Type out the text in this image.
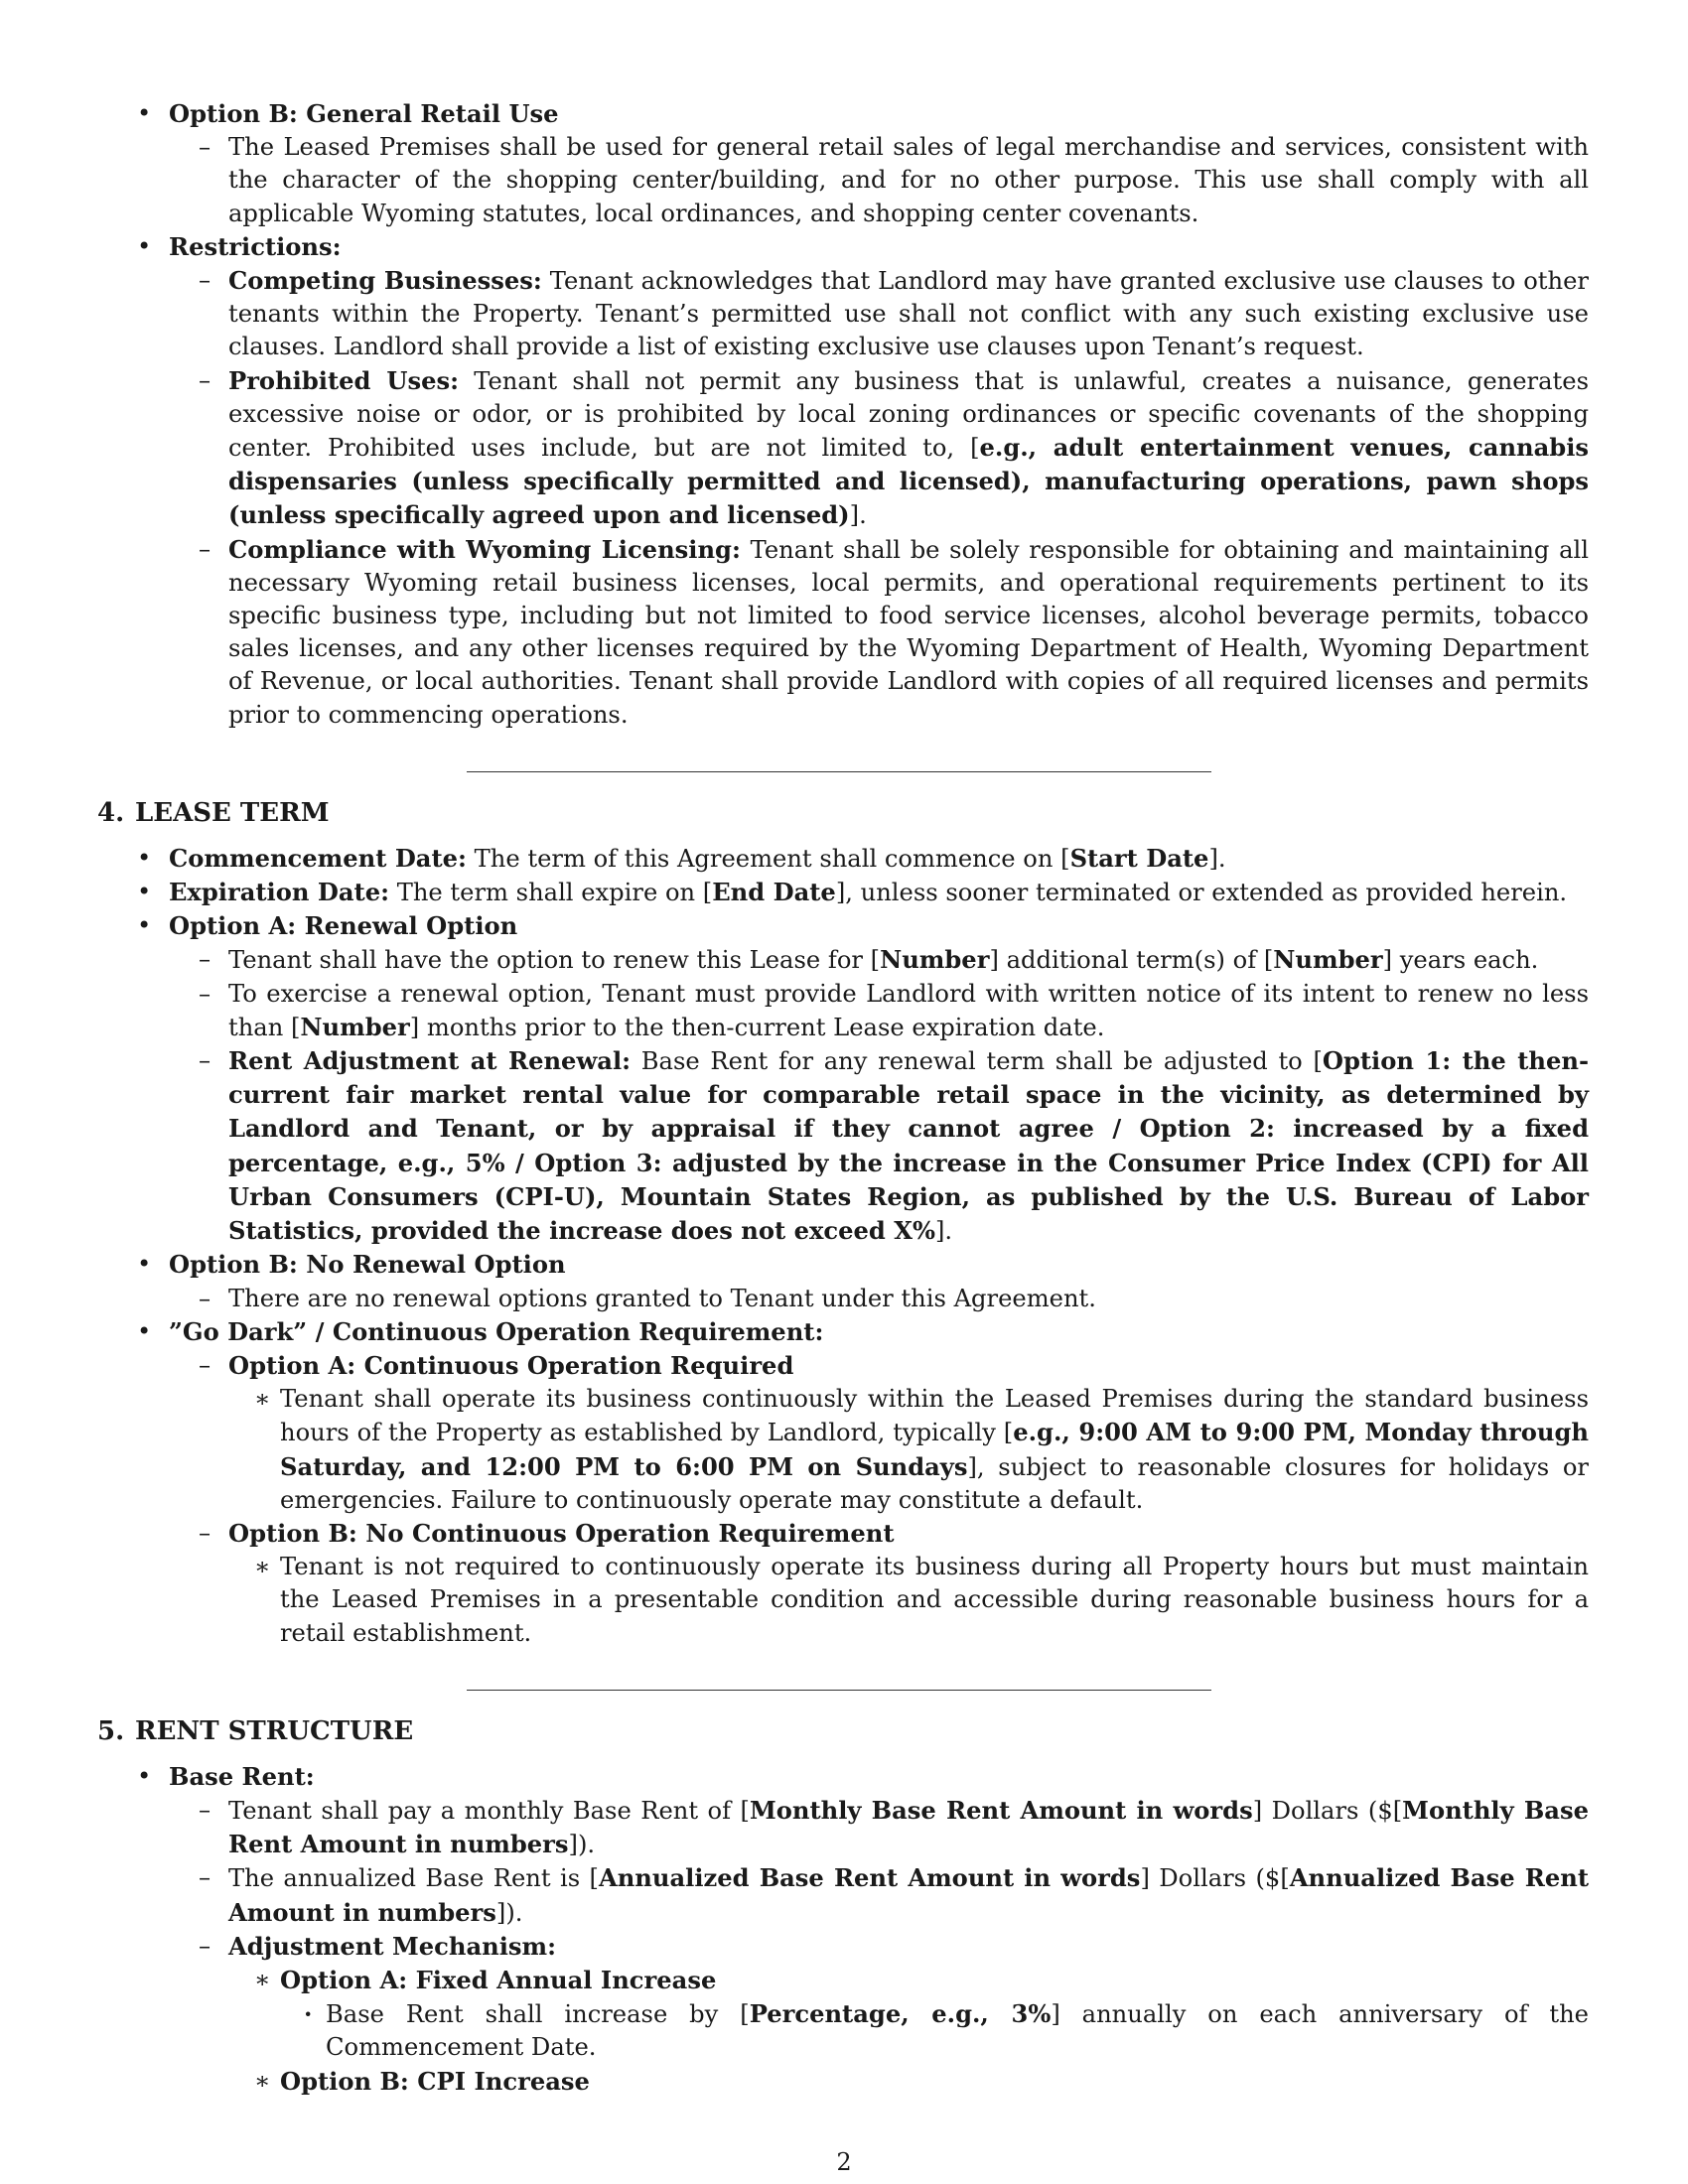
• Option B: General Retail Use
– The Leased Premises shall be used for general retail sales of legal merchandise and services, consistent with the character of the shopping center/building, and for no other purpose. This use shall comply with all applicable Wyoming statutes, local ordinances, and shopping center covenants.
• Restrictions:
– Competing Businesses: Tenant acknowledges that Landlord may have granted exclusive use clauses to other tenants within the Property. Tenant’s permitted use shall not conflict with any such existing exclusive use clauses. Landlord shall provide a list of existing exclusive use clauses upon Tenant’s request.
– Prohibited Uses: Tenant shall not permit any business that is unlawful, creates a nuisance, generates excessive noise or odor, or is prohibited by local zoning ordinances or specific covenants of the shopping center. Prohibited uses include, but are not limited to, [e.g., adult entertainment venues, cannabis dispensaries (unless specifically permitted and licensed), manufacturing operations, pawn shops (unless specifically agreed upon and licensed)].
– Compliance with Wyoming Licensing: Tenant shall be solely responsible for obtaining and maintaining all necessary Wyoming retail business licenses, local permits, and operational requirements pertinent to its specific business type, including but not limited to food service licenses, alcohol beverage permits, tobacco sales licenses, and any other licenses required by the Wyoming Department of Health, Wyoming Department of Revenue, or local authorities. Tenant shall provide Landlord with copies of all required licenses and permits prior to commencing operations.
4. LEASE TERM
• Commencement Date: The term of this Agreement shall commence on [Start Date].
• Expiration Date: The term shall expire on [End Date], unless sooner terminated or extended as provided herein.
• Option A: Renewal Option
– Tenant shall have the option to renew this Lease for [Number] additional term(s) of [Number] years each.
– To exercise a renewal option, Tenant must provide Landlord with written notice of its intent to renew no less than [Number] months prior to the then-current Lease expiration date.
– Rent Adjustment at Renewal: Base Rent for any renewal term shall be adjusted to [Option 1: the then-current fair market rental value for comparable retail space in the vicinity, as determined by Landlord and Tenant, or by appraisal if they cannot agree / Option 2: increased by a fixed percentage, e.g., 5% / Option 3: adjusted by the increase in the Consumer Price Index (CPI) for All Urban Consumers (CPI-U), Mountain States Region, as published by the U.S. Bureau of Labor Statistics, provided the increase does not exceed X%].
• Option B: No Renewal Option
– There are no renewal options granted to Tenant under this Agreement.
• ”Go Dark” / Continuous Operation Requirement:
– Option A: Continuous Operation Required
∗ Tenant shall operate its business continuously within the Leased Premises during the standard business hours of the Property as established by Landlord, typically [e.g., 9:00 AM to 9:00 PM, Monday through Saturday, and 12:00 PM to 6:00 PM on Sundays], subject to reasonable closures for holidays or emergencies. Failure to continuously operate may constitute a default.
– Option B: No Continuous Operation Requirement
∗ Tenant is not required to continuously operate its business during all Property hours but must maintain the Leased Premises in a presentable condition and accessible during reasonable business hours for a retail establishment.
5. RENT STRUCTURE
• Base Rent:
– Tenant shall pay a monthly Base Rent of [Monthly Base Rent Amount in words] Dollars ($[Monthly Base Rent Amount in numbers]).
– The annualized Base Rent is [Annualized Base Rent Amount in words] Dollars ($[Annualized Base Rent Amount in numbers]).
– Adjustment Mechanism:
∗ Option A: Fixed Annual Increase
· Base Rent shall increase by [Percentage, e.g., 3%] annually on each anniversary of the Commencement Date.
∗ Option B: CPI Increase
2
